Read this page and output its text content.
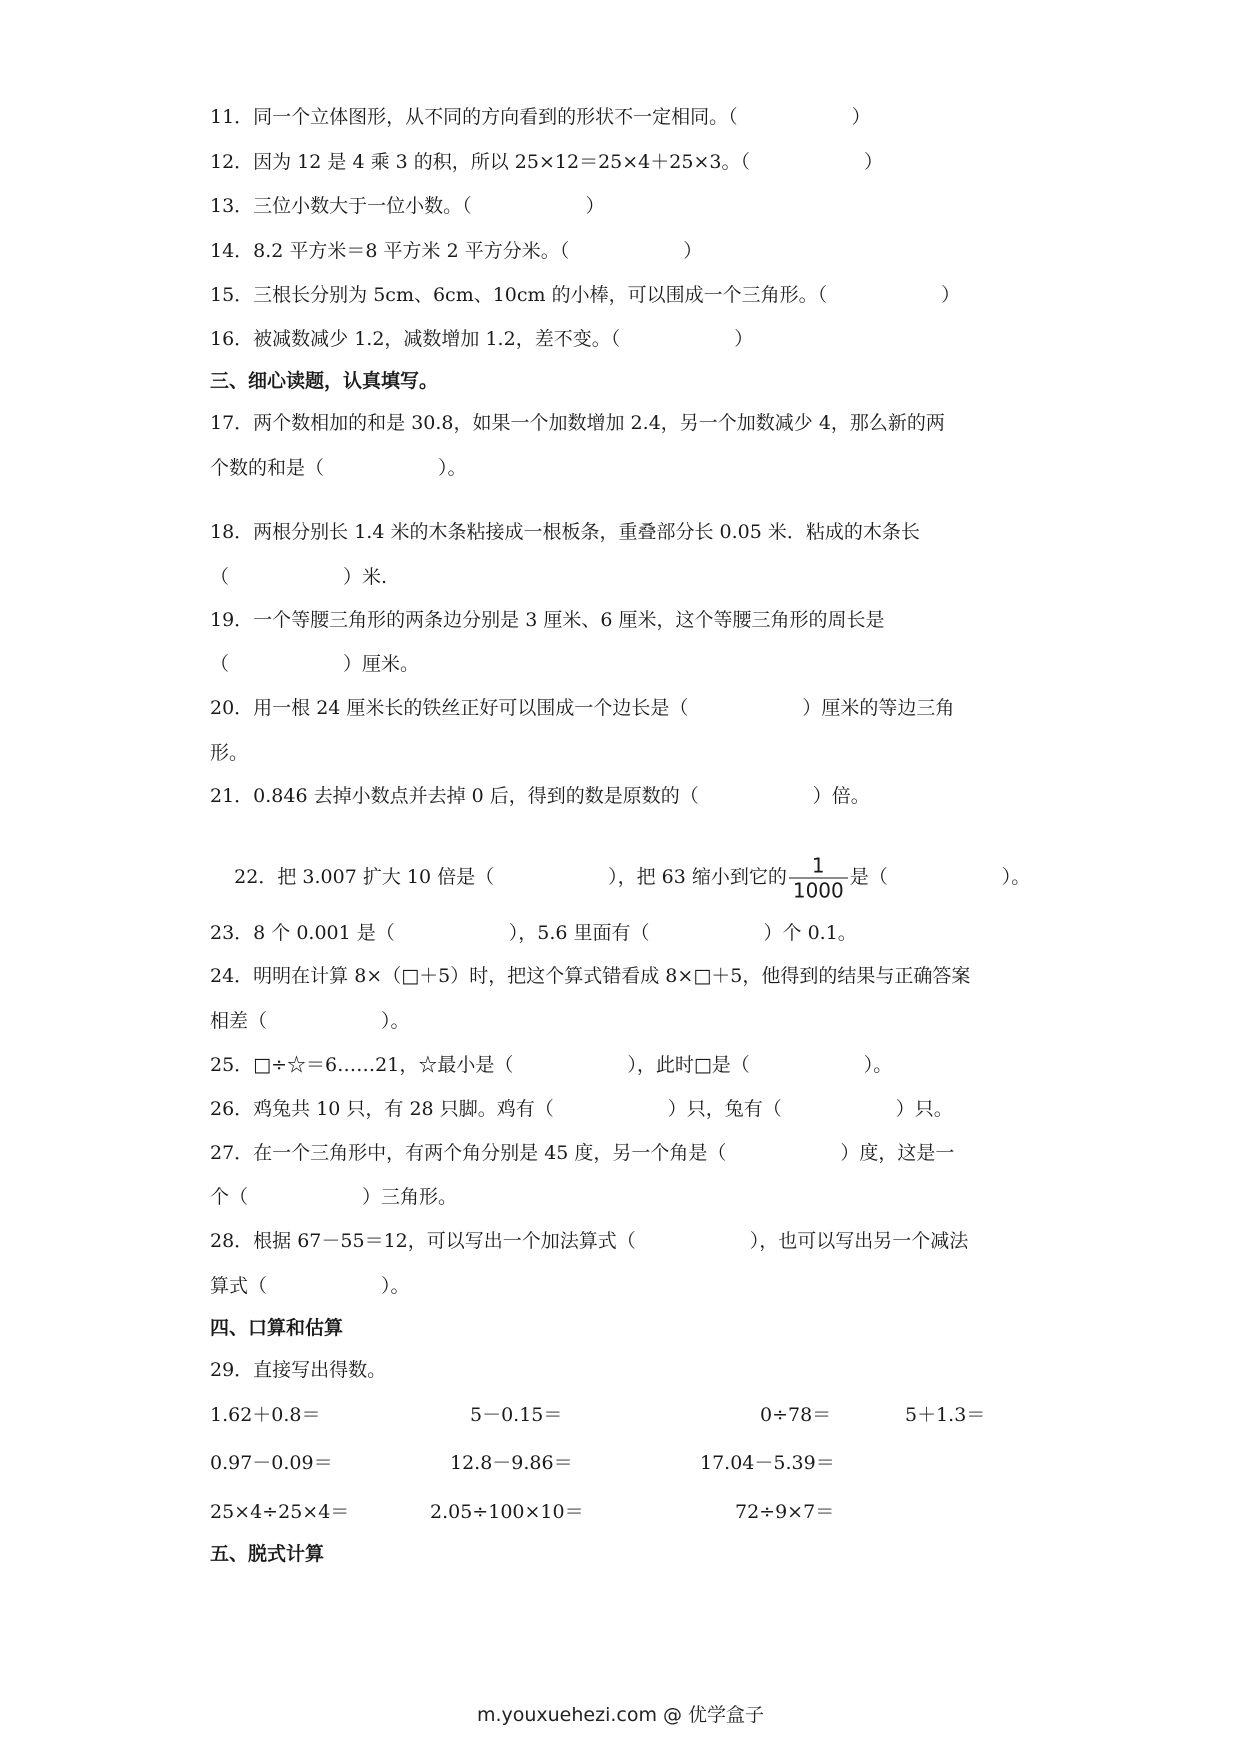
11．同一个立体图形，从不同的方向看到的形状不一定相同。（　　　　　　）
12．因为 12 是 4 乘 3 的积，所以 25×12＝25×4＋25×3。（　　　　　　）
13．三位小数大于一位小数。（　　　　　　）
14．8.2 平方米＝8 平方米 2 平方分米。（　　　　　　）
15．三根长分别为 5cm、6cm、10cm 的小棒，可以围成一个三角形。（　　　　　　）
16．被减数减少 1.2，减数增加 1.2，差不变。（　　　　　　）
三、细心读题，认真填写。
17．两个数相加的和是 30.8，如果一个加数增加 2.4，另一个加数减少 4，那么新的两
个数的和是（　　　　　　）。
18．两根分别长 1.4 米的木条粘接成一根板条，重叠部分长 0.05 米．粘成的木条长
（　　　　　　）米.
19．一个等腰三角形的两条边分别是 3 厘米、6 厘米，这个等腰三角形的周长是
（　　　　　　）厘米。
20．用一根 24 厘米长的铁丝正好可以围成一个边长是（　　　　　　）厘米的等边三角
形。
21．0.846 去掉小数点并去掉 0 后，得到的数是原数的（　　　　　　）倍。

22．把 3.007 扩大 10 倍是（　　　　　　），把 63 缩小到它的 $\frac{1}{1000}$ 是（　　　　　　）。

23．8 个 0.001 是（　　　　　　），5.6 里面有（　　　　　　）个 0.1。
24．明明在计算 8×（□＋5）时，把这个算式错看成 8×□＋5，他得到的结果与正确答案
相差（　　　　　　）。
25．□÷☆＝6……21，☆最小是（　　　　　　），此时□是（　　　　　　）。
26．鸡兔共 10 只，有 28 只脚。鸡有（　　　　　　）只，兔有（　　　　　　）只。
27．在一个三角形中，有两个角分别是 45 度，另一个角是（　　　　　　）度，这是一
个（　　　　　　）三角形。
28．根据 67－55＝12，可以写出一个加法算式（　　　　　　），也可以写出另一个减法
算式（　　　　　　）。
四、口算和估算
29．直接写出得数。
1.62＋0.8＝	5－0.15＝	0÷78＝	5＋1.3＝
0.97－0.09＝	12.8－9.86＝	17.04－5.39＝
25×4÷25×4＝	2.05÷100×10＝	72÷9×7＝
五、脱式计算
m.youxuehezi.com @ 优学盒子
